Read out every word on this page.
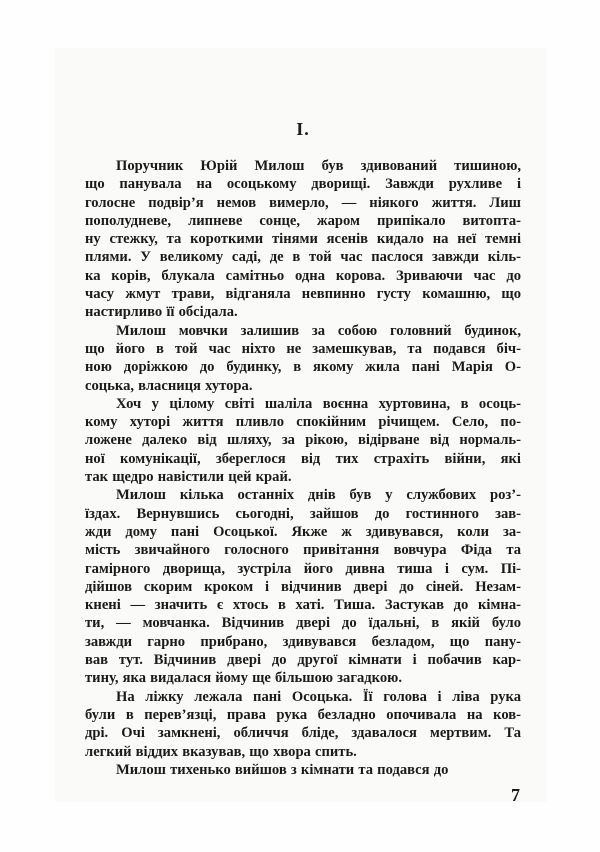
І.
Поручник Юрій Милош був здивований тишиною,
що панувала на осоцькому дворищі. Завжди рухливе і
голосне подвір’я немов вимерло, — ніякого життя. Лиш
пополудневе, липневе сонце, жаром припікало витопта-
ну стежку, та короткими тінями ясенів кидало на неї темні
плями. У великому саді, де в той час паслося завжди кіль-
ка корів, блукала самітньо одна корова. Зриваючи час до
часу жмут трави, відганяла невпинно густу комашню, що
настирливо її обсідала.
Милош мовчки залишив за собою головний будинок,
що його в той час ніхто не замешкував, та подався біч-
ною доріжкою до будинку, в якому жила пані Марія О-
соцька, власниця хутора.
Хоч у цілому світі шаліла воєнна хуртовина, в осоць-
кому хуторі життя пливло спокійним річищем. Село, по-
ложене далеко від шляху, за рікою, відірване від нормаль-
ної комунікації, збереглося від тих страхіть війни, які
так щедро навістили цей край.
Милош кілька останніх днів був у службових роз’-
їздах. Вернувшись сьогодні, зайшов до гостинного зав-
жди дому пані Осоцької. Якже ж здивувався, коли за-
мість звичайного голосного привітання вовчура Фіда та
гамірного дворища, зустріла його дивна тиша і сум. Пі-
дійшов скорим кроком і відчинив двері до сіней. Незам-
кнені — значить є хтось в хаті. Тиша. Застукав до кімна-
ти, — мовчанка. Відчинив двері до їдальні, в якій було
завжди гарно прибрано, здивувався безладом, що пану-
вав тут. Відчинив двері до другої кімнати і побачив кар-
тину, яка видалася йому ще більшою загадкою.
На ліжку лежала пані Осоцька. Її голова і ліва рука
були в перев’язці, права рука безладно опочивала на ков-
дрі. Очі замкнені, обличчя бліде, здавалося мертвим. Та
легкий віддих вказував, що хвора спить.
Милош тихенько вийшов з кімнати та подався до
7
